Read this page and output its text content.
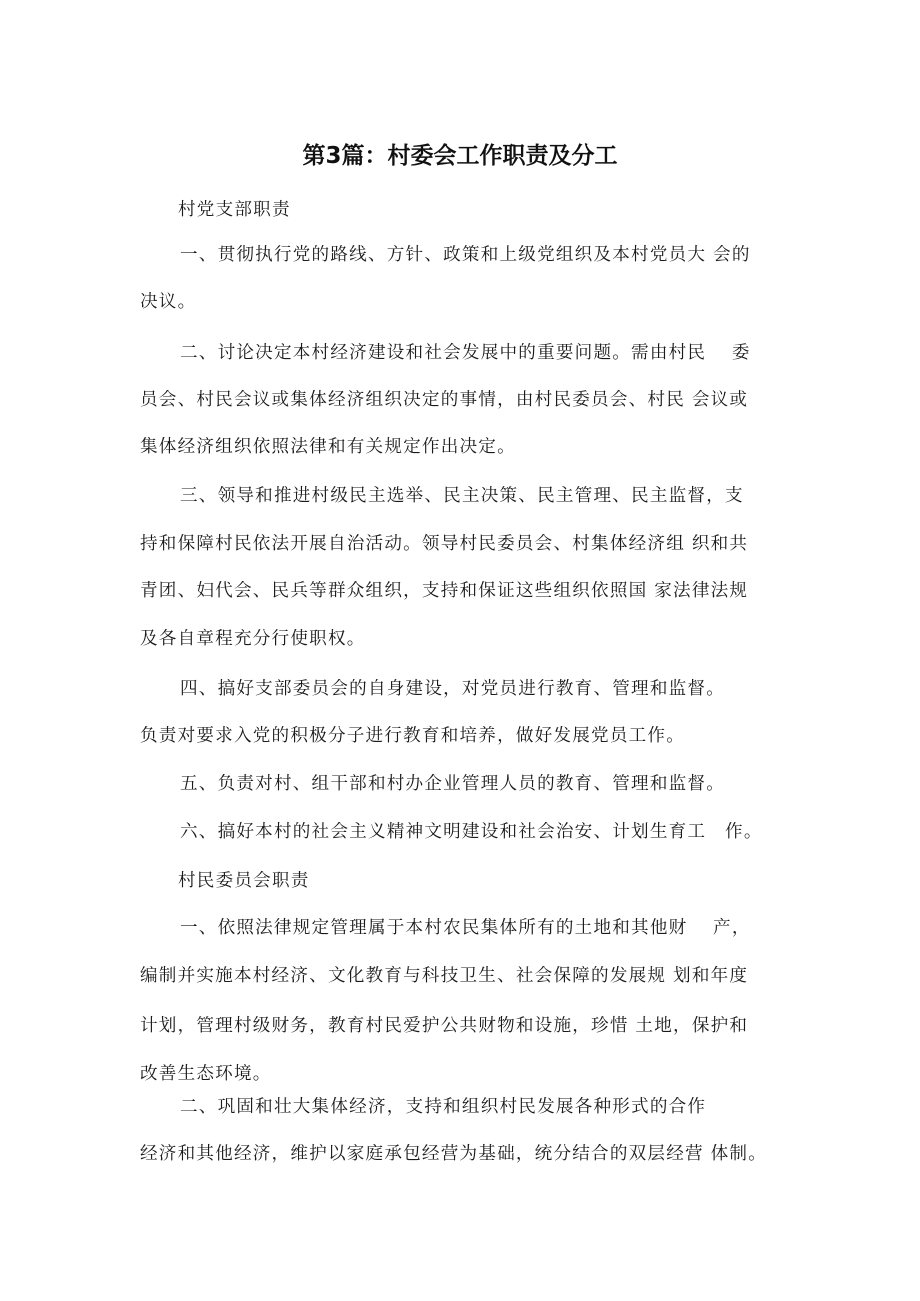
第3篇：村委会工作职责及分工
村党支部职责
一、贯彻执行党的路线、方针、政策和上级党组织及本村党员大 会的
决议。
二、讨论决定本村经济建设和社会发展中的重要问题。需由村民　 委
员会、村民会议或集体经济组织决定的事情，由村民委员会、村民 会议或
集体经济组织依照法律和有关规定作出决定。
三、领导和推进村级民主选举、民主决策、民主管理、民主监督，支
持和保障村民依法开展自治活动。领导村民委员会、村集体经济组 织和共
青团、妇代会、民兵等群众组织，支持和保证这些组织依照国 家法律法规
及各自章程充分行使职权。
四、搞好支部委员会的自身建设，对党员进行教育、管理和监督。
负责对要求入党的积极分子进行教育和培养，做好发展党员工作。
五、负责对村、组干部和村办企业管理人员的教育、管理和监督。
六、搞好本村的社会主义精神文明建设和社会治安、计划生育工　作。
村民委员会职责
一、依照法律规定管理属于本村农民集体所有的土地和其他财　 产，
编制并实施本村经济、文化教育与科技卫生、社会保障的发展规 划和年度
计划，管理村级财务，教育村民爱护公共财物和设施，珍惜 土地，保护和
改善生态环境。
二、巩固和壮大集体经济，支持和组织村民发展各种形式的合作
经济和其他经济，维护以家庭承包经营为基础，统分结合的双层经营 体制。
